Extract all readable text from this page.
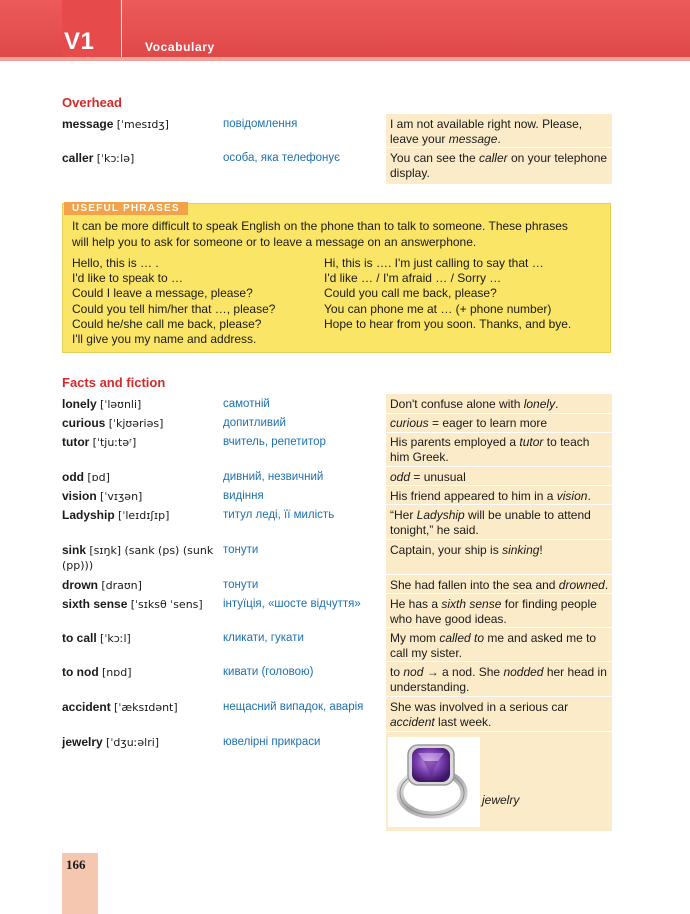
V1	Vocabulary
Overhead
message [ˈmesɪdʒ]	повідомлення	I am not available right now. Please,
leave your message.
caller [ˈkɔːlə]	особа, яка телефонує	You can see the caller on your telephone
display.
USEFUL PHRASES
It can be more difficult to speak English on the phone than to talk to someone. These phrases
will help you to ask for someone or to leave a message on an answerphone.
Hello, this is … .
I'd like to speak to …
Could I leave a message, please?
Could you tell him/her that …, please?
Could he/she call me back, please?
I'll give you my name and address.
Hi, this is …. I'm just calling to say that …
I'd like … / I'm afraid … / Sorry …
Could you call me back, please?
You can phone me at … (+ phone number)
Hope to hear from you soon. Thanks, and bye.
Facts and fiction
lonely [ˈləʊnli]	самотній	Don't confuse alone with lonely.
curious [ˈkjʊəriəs]	допитливий	curious = eager to learn more
tutor [ˈtjuːtəʳ]	вчитель, репетитор	His parents employed a tutor to teach
him Greek.
odd [ɒd]	дивний, незвичний	odd = unusual
vision [ˈvɪʒən]	видіння	His friend appeared to him in a vision.
Ladyship [ˈleɪdɪʃɪp]	титул леді, її милість	“Her Ladyship will be unable to attend
tonight,” he said.
sink [sɪŋk] (sank (ps) (sunk
(pp)))
тонути	Captain, your ship is sinking!
drown [draʊn]	тонути	She had fallen into the sea and drowned.
sixth sense [ˈsɪksθ ˈsens]	інтуїція, «шосте відчуття»	He has a sixth sense for finding people
who have good ideas.
to call [ˈkɔːl]	кликати, гукати	My mom called to me and asked me to
call my sister.
to nod [nɒd]	кивати (головою)	to nod → a nod. She nodded her head in
understanding.
accident [ˈæksɪdənt]	нещасний випадок, аварія	She was involved in a serious car
accident last week.
jewelry [ˈdʒuːəlri]	ювелірні прикраси
jewelry
166
